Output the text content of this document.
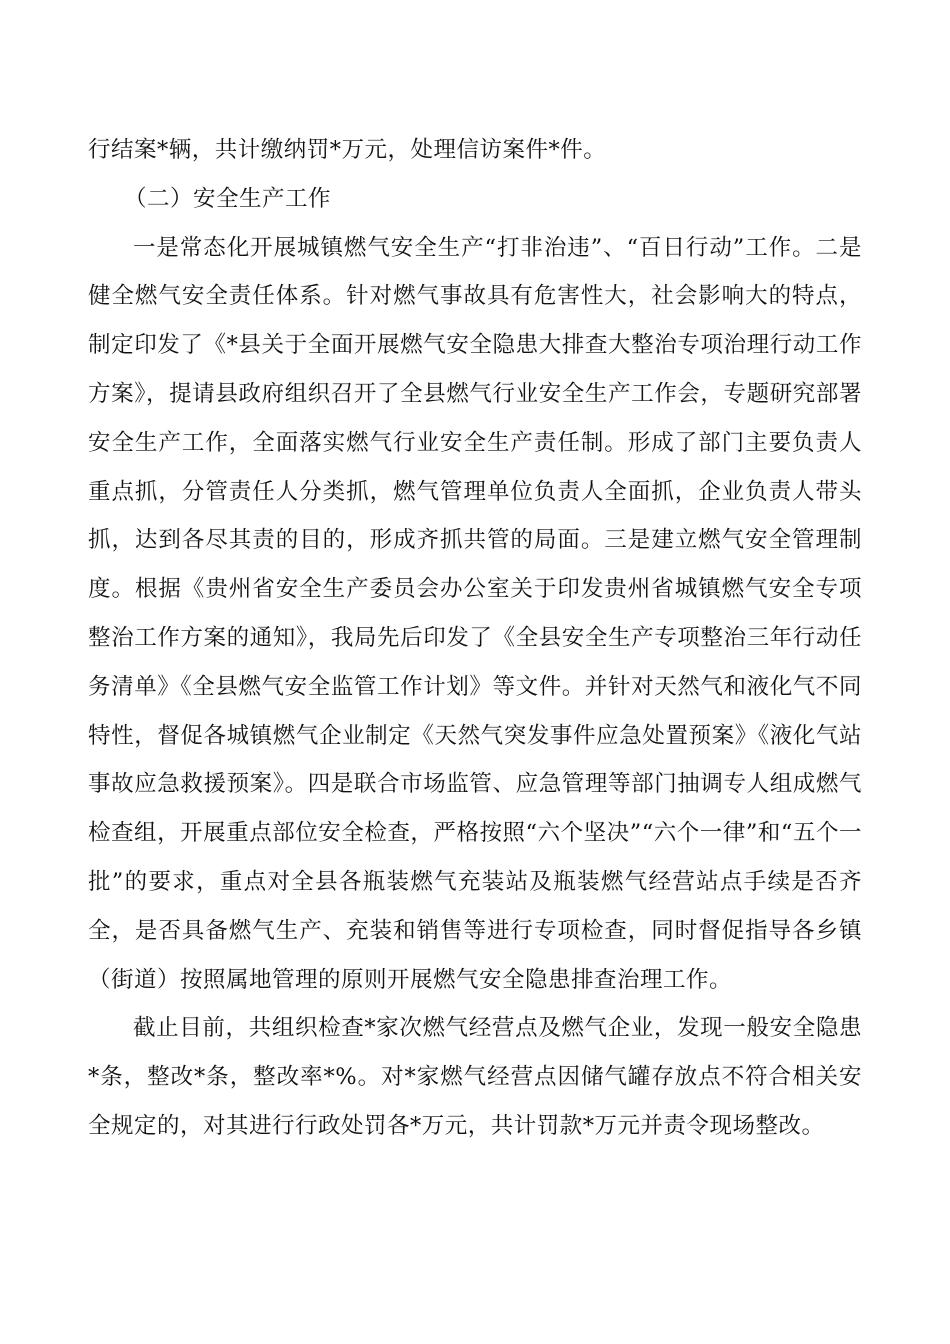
行结案*辆，共计缴纳罚*万元，处理信访案件*件。

（二）安全生产工作

一是常态化开展城镇燃气安全生产“打非治违”、“百日行动”工作。二是健全燃气安全责任体系。针对燃气事故具有危害性大，社会影响大的特点，制定印发了《*县关于全面开展燃气安全隐患大排查大整治专项治理行动工作方案》，提请县政府组织召开了全县燃气行业安全生产工作会，专题研究部署安全生产工作，全面落实燃气行业安全生产责任制。形成了部门主要负责人重点抓，分管责任人分类抓，燃气管理单位负责人全面抓，企业负责人带头抓，达到各尽其责的目的，形成齐抓共管的局面。三是建立燃气安全管理制度。根据《贵州省安全生产委员会办公室关于印发贵州省城镇燃气安全专项整治工作方案的通知》，我局先后印发了《全县安全生产专项整治三年行动任务清单》《全县燃气安全监管工作计划》等文件。并针对天然气和液化气不同特性，督促各城镇燃气企业制定《天然气突发事件应急处置预案》《液化气站事故应急救援预案》。四是联合市场监管、应急管理等部门抽调专人组成燃气检查组，开展重点部位安全检查，严格按照“六个坚决”“六个一律”和“五个一批”的要求，重点对全县各瓶装燃气充装站及瓶装燃气经营站点手续是否齐全，是否具备燃气生产、充装和销售等进行专项检查，同时督促指导各乡镇（街道）按照属地管理的原则开展燃气安全隐患排查治理工作。

截止目前，共组织检查*家次燃气经营点及燃气企业，发现一般安全隐患*条，整改*条，整改率*%。对*家燃气经营点因储气罐存放点不符合相关安全规定的，对其进行行政处罚各*万元，共计罚款*万元并责令现场整改。
